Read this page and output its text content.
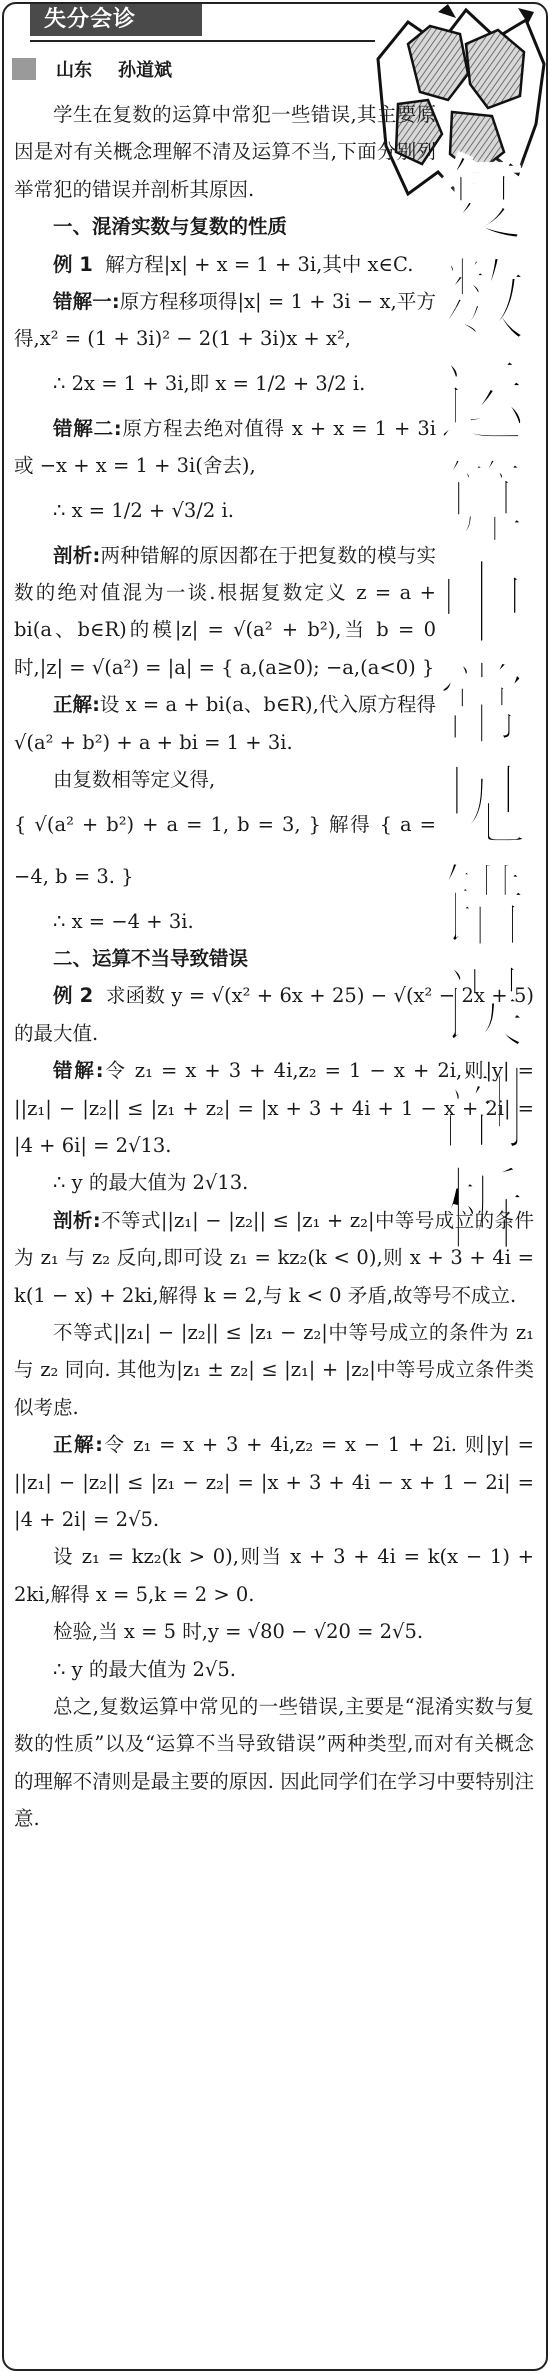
失分会诊
山东 孙道斌
复
数
运
算
中
常
见
错
误
剖
析

学生在复数的运算中常犯一些错误,其主要原因是对有关概念理解不清及运算不当,下面分别列举常犯的错误并剖析其原因.

一、混淆实数与复数的性质

例 1 解方程|x| + x = 1 + 3i,其中 x∈C.

错解一:原方程移项得|x| = 1 + 3i − x,平方得,x² = (1 + 3i)² − 2(1 + 3i)x + x²,

∴ 2x = 1 + 3i,即 x = 1/2 + 3/2 i.

错解二:原方程去绝对值得 x + x = 1 + 3i 或 −x + x = 1 + 3i(舍去),

∴ x = 1/2 + √3/2 i.

剖析:两种错解的原因都在于把复数的模与实数的绝对值混为一谈.根据复数定义 z = a + bi(a、b∈R)的模|z| = √(a² + b²),当 b = 0 时,|z| = √(a²) = |a| = { a,(a≥0); −a,(a<0) }

正解:设 x = a + bi(a、b∈R),代入原方程得√(a² + b²) + a + bi = 1 + 3i.

由复数相等定义得,

{ √(a² + b²) + a = 1, b = 3, } 解得 { a = −4, b = 3. }

∴ x = −4 + 3i.

二、运算不当导致错误

例 2 求函数 y = √(x² + 6x + 25) − √(x² − 2x + 5) 的最大值.

错解:令 z₁ = x + 3 + 4i,z₂ = 1 − x + 2i,则|y| = ||z₁| − |z₂|| ≤ |z₁ + z₂| = |x + 3 + 4i + 1 − x + 2i| = |4 + 6i| = 2√13.

∴ y 的最大值为 2√13.

剖析:不等式||z₁| − |z₂|| ≤ |z₁ + z₂|中等号成立的条件为 z₁ 与 z₂ 反向,即可设 z₁ = kz₂(k < 0),则 x + 3 + 4i = k(1 − x) + 2ki,解得 k = 2,与 k < 0 矛盾,故等号不成立.

不等式||z₁| − |z₂|| ≤ |z₁ − z₂|中等号成立的条件为 z₁ 与 z₂ 同向. 其他为|z₁ ± z₂| ≤ |z₁| + |z₂|中等号成立条件类似考虑.

正解:令 z₁ = x + 3 + 4i,z₂ = x − 1 + 2i. 则|y| = ||z₁| − |z₂|| ≤ |z₁ − z₂| = |x + 3 + 4i − x + 1 − 2i| = |4 + 2i| = 2√5.

设 z₁ = kz₂(k > 0),则当 x + 3 + 4i = k(x − 1) + 2ki,解得 x = 5,k = 2 > 0.

检验,当 x = 5 时,y = √80 − √20 = 2√5.

∴ y 的最大值为 2√5.

总之,复数运算中常见的一些错误,主要是“混淆实数与复数的性质”以及“运算不当导致错误”两种类型,而对有关概念的理解不清则是最主要的原因. 因此同学们在学习中要特别注意.
